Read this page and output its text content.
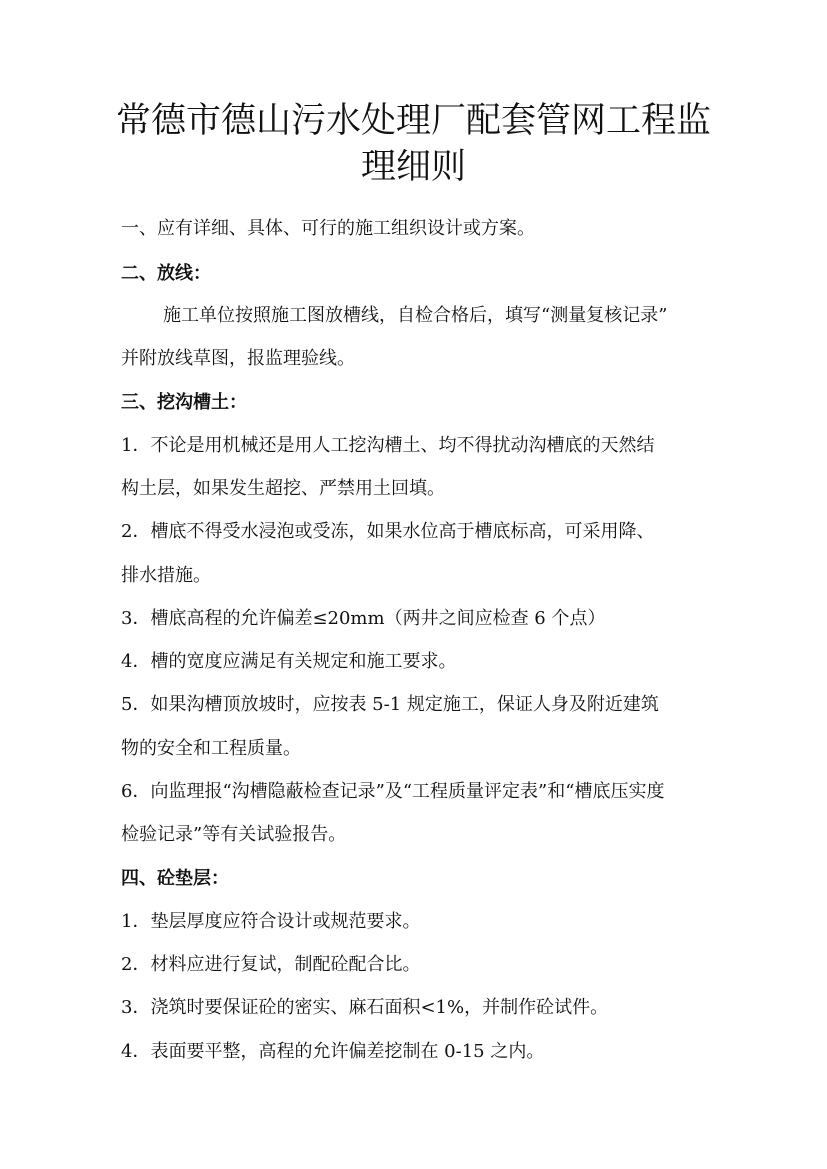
常德市德山污水处理厂配套管网工程监
理细则

一、应有详细、具体、可行的施工组织设计或方案。

二、放线：

施工单位按照施工图放槽线，自检合格后，填写“测量复核记录”

并附放线草图，报监理验线。

三、挖沟槽土：

1．不论是用机械还是用人工挖沟槽土、均不得扰动沟槽底的天然结

构土层，如果发生超挖、严禁用土回填。

2．槽底不得受水浸泡或受冻，如果水位高于槽底标高，可采用降、

排水措施。

3．槽底高程的允许偏差≤20mm（两井之间应检查 6 个点）

4．槽的宽度应满足有关规定和施工要求。

5．如果沟槽顶放坡时，应按表 5-1 规定施工，保证人身及附近建筑

物的安全和工程质量。

6．向监理报“沟槽隐蔽检查记录”及“工程质量评定表”和“槽底压实度

检验记录”等有关试验报告。

四、砼垫层：

1．垫层厚度应符合设计或规范要求。

2．材料应进行复试，制配砼配合比。

3．浇筑时要保证砼的密实、麻石面积<1%，并制作砼试件。

4．表面要平整，高程的允许偏差挖制在 0-15 之内。
